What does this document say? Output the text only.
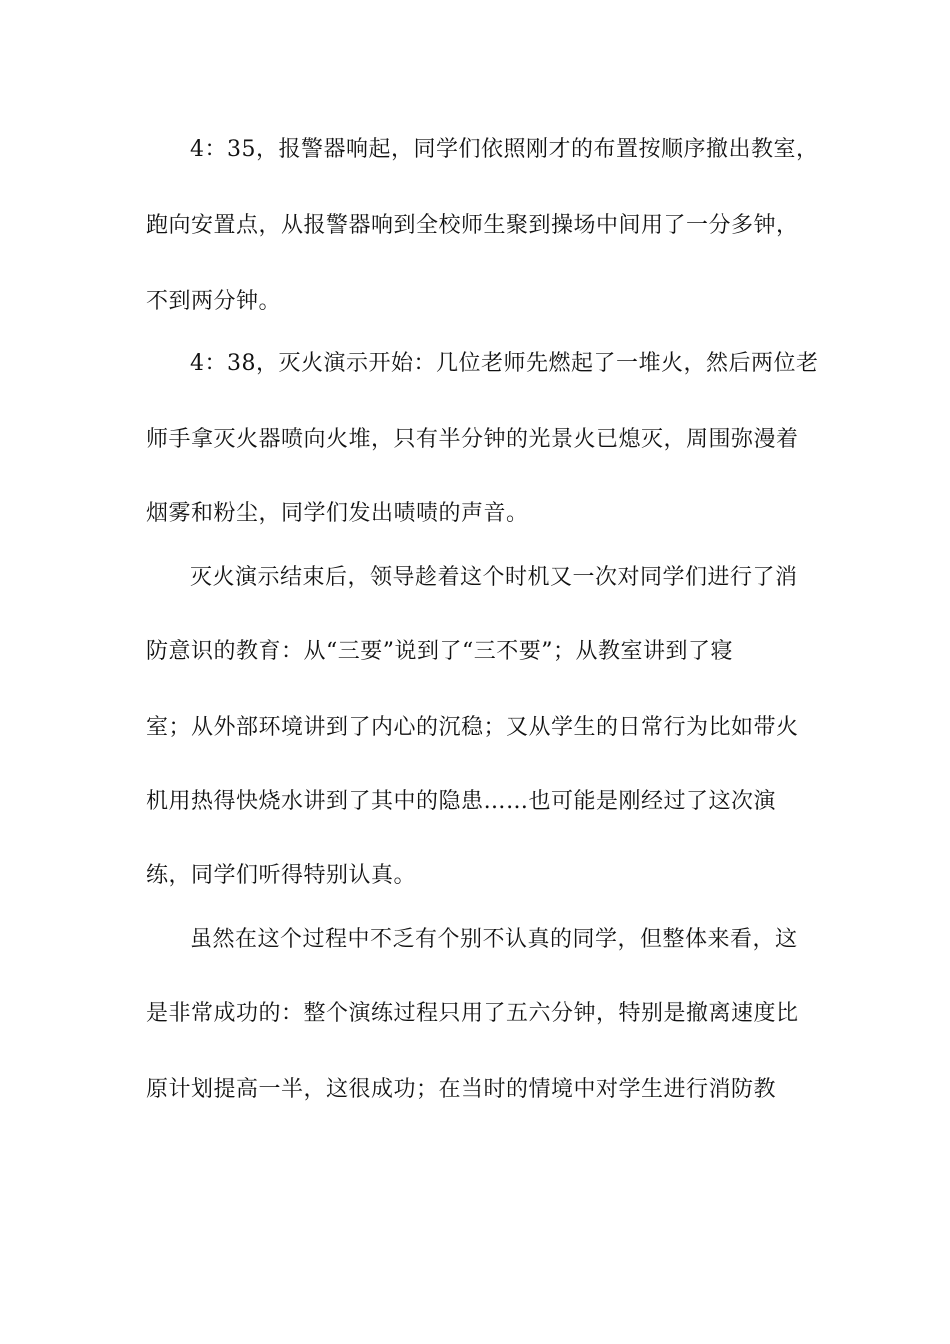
4：35，报警器响起，同学们依照刚才的布置按顺序撤出教室，
跑向安置点，从报警器响到全校师生聚到操场中间用了一分多钟，
不到两分钟。
4：38，灭火演示开始：几位老师先燃起了一堆火，然后两位老
师手拿灭火器喷向火堆，只有半分钟的光景火已熄灭，周围弥漫着
烟雾和粉尘，同学们发出啧啧的声音。
灭火演示结束后，领导趁着这个时机又一次对同学们进行了消
防意识的教育：从“三要”说到了“三不要”；从教室讲到了寝
室；从外部环境讲到了内心的沉稳；又从学生的日常行为比如带火
机用热得快烧水讲到了其中的隐患……也可能是刚经过了这次演
练，同学们听得特别认真。
虽然在这个过程中不乏有个别不认真的同学，但整体来看，这
是非常成功的：整个演练过程只用了五六分钟，特别是撤离速度比
原计划提高一半，这很成功；在当时的情境中对学生进行消防教
